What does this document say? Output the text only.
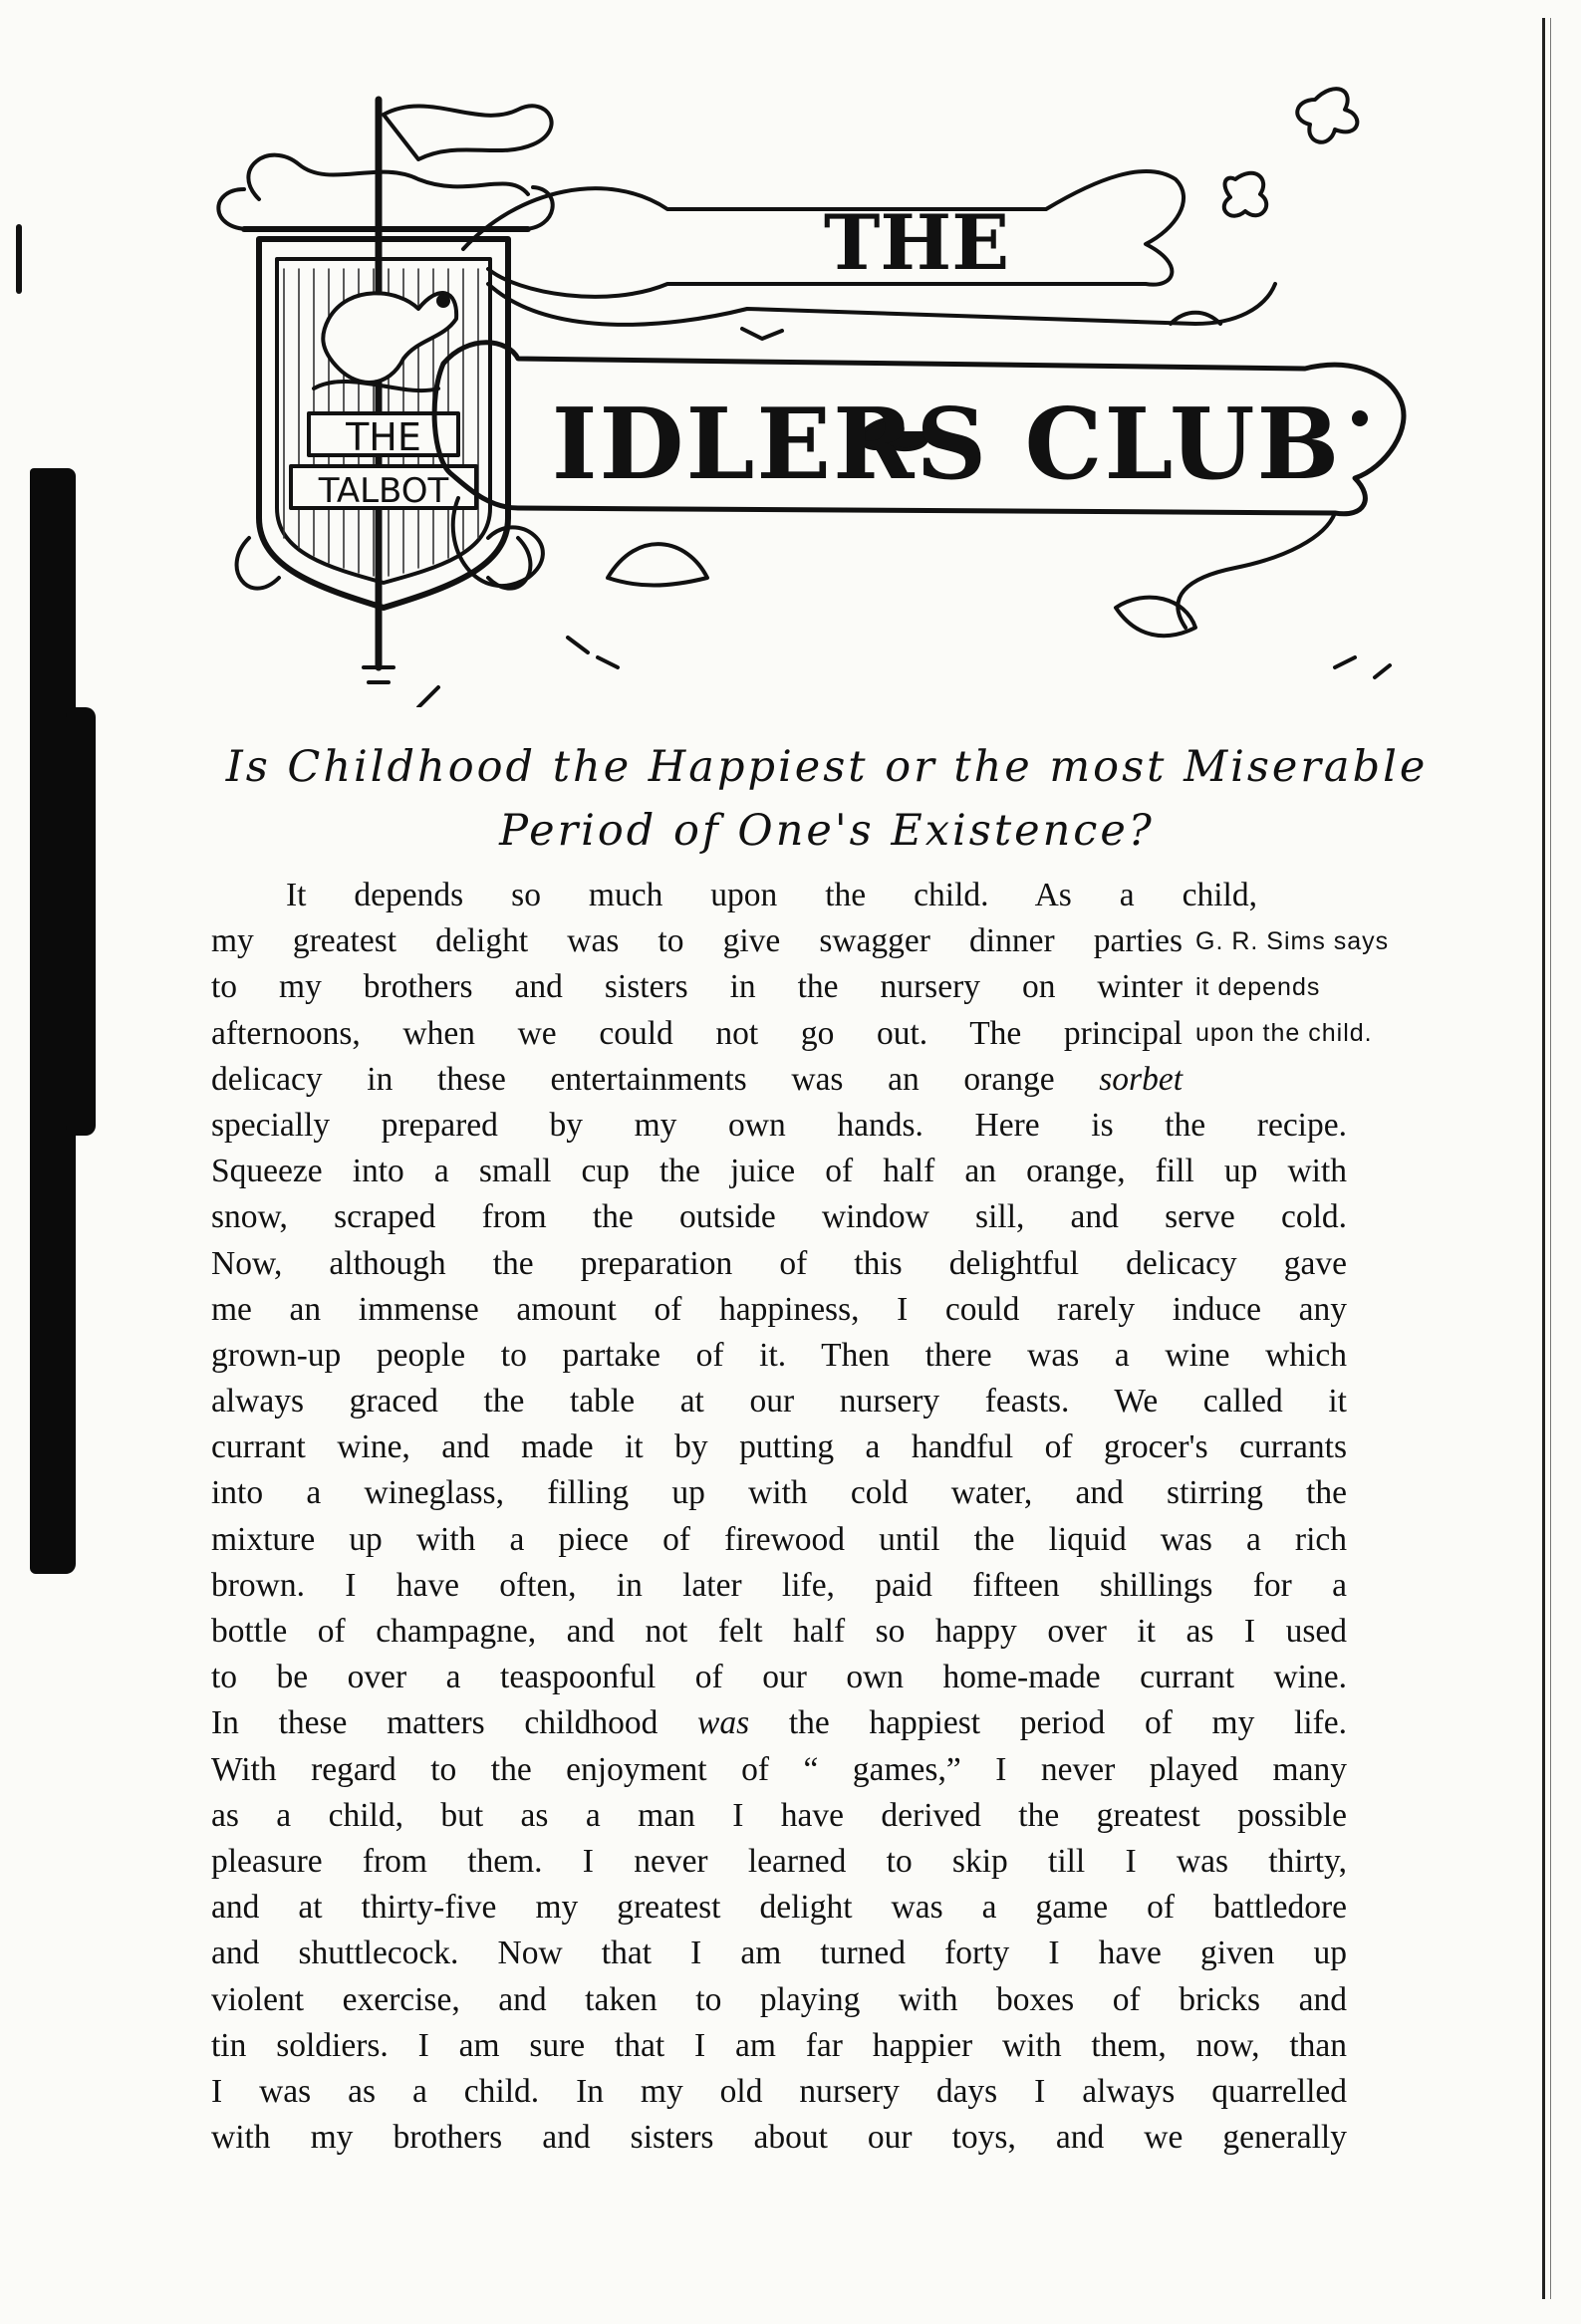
THE
IDLERS CLUB
THE
TALBOT
Is Childhood the Happiest or the most Miserable
Period of One's Existence?
G. R. Sims says
it depends
upon the child.
It depends so much upon the child. As a child,
my greatest delight was to give swagger dinner parties
to my brothers and sisters in the nursery on winter
afternoons, when we could not go out. The principal
delicacy in these entertainments was an orange sorbet
specially prepared by my own hands. Here is the recipe.
Squeeze into a small cup the juice of half an orange, fill up with
snow, scraped from the outside window sill, and serve cold.
Now, although the preparation of this delightful delicacy gave
me an immense amount of happiness, I could rarely induce any
grown-up people to partake of it. Then there was a wine which
always graced the table at our nursery feasts. We called it
currant wine, and made it by putting a handful of grocer's currants
into a wineglass, filling up with cold water, and stirring the
mixture up with a piece of firewood until the liquid was a rich
brown. I have often, in later life, paid fifteen shillings for a
bottle of champagne, and not felt half so happy over it as I used
to be over a teaspoonful of our own home-made currant wine.
In these matters childhood was the happiest period of my life.
With regard to the enjoyment of “ games,” I never played many
as a child, but as a man I have derived the greatest possible
pleasure from them. I never learned to skip till I was thirty,
and at thirty-five my greatest delight was a game of battledore
and shuttlecock. Now that I am turned forty I have given up
violent exercise, and taken to playing with boxes of bricks and
tin soldiers. I am sure that I am far happier with them, now, than
I was as a child. In my old nursery days I always quarrelled
with my brothers and sisters about our toys, and we generally
